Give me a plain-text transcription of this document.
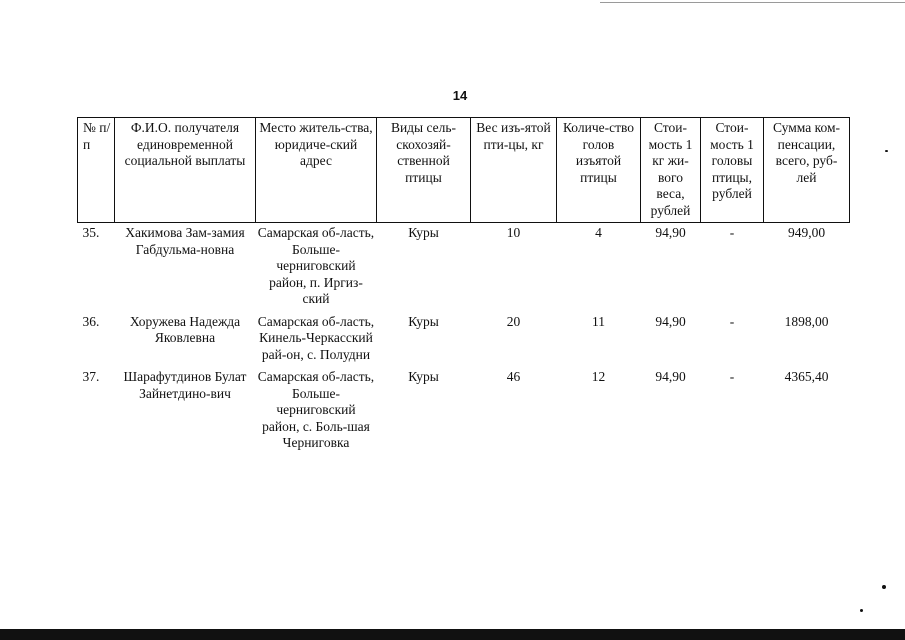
14
№ п/п	Ф.И.О. получателя единовременной социальной выплаты	Место житель-ства, юридиче-ский адрес	Виды сель-скохозяй-ственной птицы	Вес изъ-ятой пти-цы, кг	Количе-ство голов изъятой птицы	Стои-мость 1 кг жи-вого веса, рублей	Стои-мость 1 головы птицы, рублей	Сумма ком-пенсации, всего, руб-лей
35.	Хакимова Зам-замия Габдульма-новна	Самарская об-ласть, Больше-черниговский район, п. Иргиз-ский	Куры	10	4	94,90	-	949,00
36.	Хоружева Надежда Яковлевна	Самарская об-ласть, Кинель-Черкасский рай-он, с. Полудни	Куры	20	11	94,90	-	1898,00
37.	Шарафутдинов Булат Зайнетдино-вич	Самарская об-ласть, Больше-черниговский район, с. Боль-шая Черниговка	Куры	46	12	94,90	-	4365,40
